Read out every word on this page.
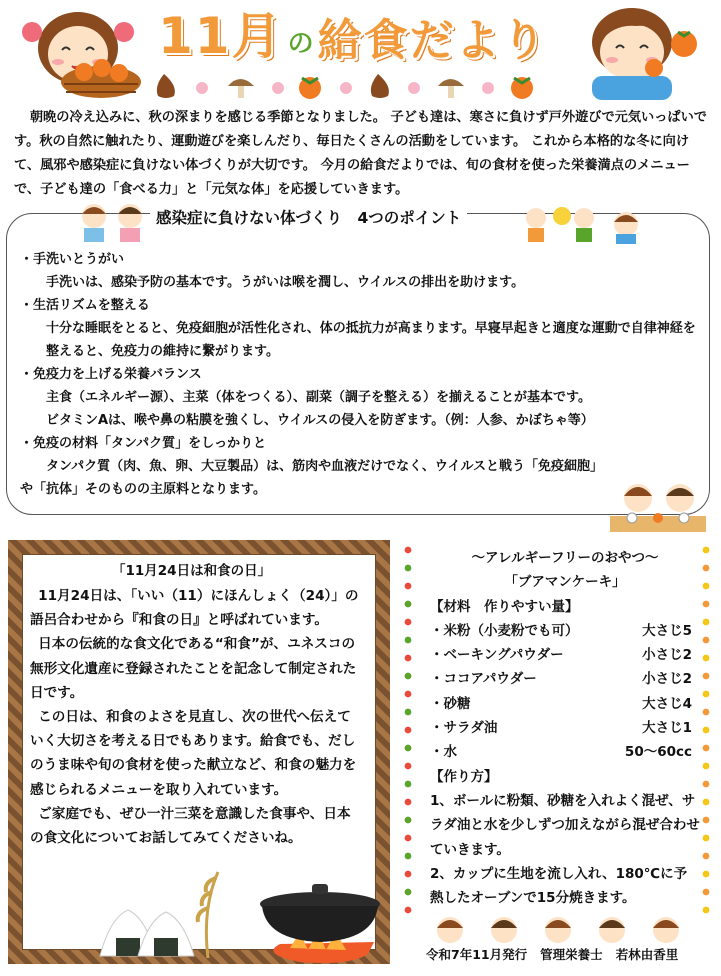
11月 の 給食だより

朝晩の冷え込みに、秋の深まりを感じる季節となりました。 子ども達は、寒さに負けず戸外遊びで元気いっぱいです。秋の自然に触れたり、運動遊びを楽しんだり、毎日たくさんの活動をしています。 これから本格的な冬に向けて、風邪や感染症に負けない体づくりが大切です。 今月の給食だよりでは、旬の食材を使った栄養満点のメニューで、子ども達の「食べる力」と「元気な体」を応援していきます。

感染症に負けない体づくり　4つのポイント

・手洗いとうがい

手洗いは、感染予防の基本です。うがいは喉を潤し、ウイルスの排出を助けます。

・生活リズムを整える

十分な睡眠をとると、免疫細胞が活性化され、体の抵抗力が高まります。早寝早起きと適度な運動で自律神経を整えると、免疫力の維持に繋がります。

・免疫力を上げる栄養バランス

主食（エネルギー源）、主菜（体をつくる）、副菜（調子を整える）を揃えることが基本です。

ビタミンAは、喉や鼻の粘膜を強くし、ウイルスの侵入を防ぎます。（例：人参、かぼちゃ等）

・免疫の材料「タンパク質」をしっかりと

タンパク質（肉、魚、卵、大豆製品）は、筋肉や血液だけでなく、ウイルスと戦う「免疫細胞」や「抗体」そのものの主原料となります。

「11月24日は和食の日」

11月24日は、「いい（11）にほんしょく（24）」の語呂合わせから『和食の日』と呼ばれています。

日本の伝統的な食文化である“和食”が、ユネスコの無形文化遺産に登録されたことを記念して制定された日です。

この日は、和食のよさを見直し、次の世代へ伝えていく大切さを考える日でもあります。給食でも、だしのうま味や旬の食材を使った献立など、和食の魅力を感じられるメニューを取り入れています。

ご家庭でも、ぜひ一汁三菜を意識した食事や、日本の食文化についてお話してみてくださいね。

～アレルギーフリーのおやつ～
「ブアマンケーキ」
【材料　作りやすい量】
・米粉（小麦粉でも可）	大さじ5
・ベーキングパウダー	小さじ2
・ココアパウダー	小さじ2
・砂糖	大さじ4
・サラダ油	大さじ1
・水	50～60cc
【作り方】
1、ボールに粉類、砂糖を入れよく混ぜ、サラダ油と水を少しずつ加えながら混ぜ合わせていきます。
2、カップに生地を流し入れ、180℃に予熱したオーブンで15分焼きます。
令和7年11月発行 管理栄養士 若林由香里
